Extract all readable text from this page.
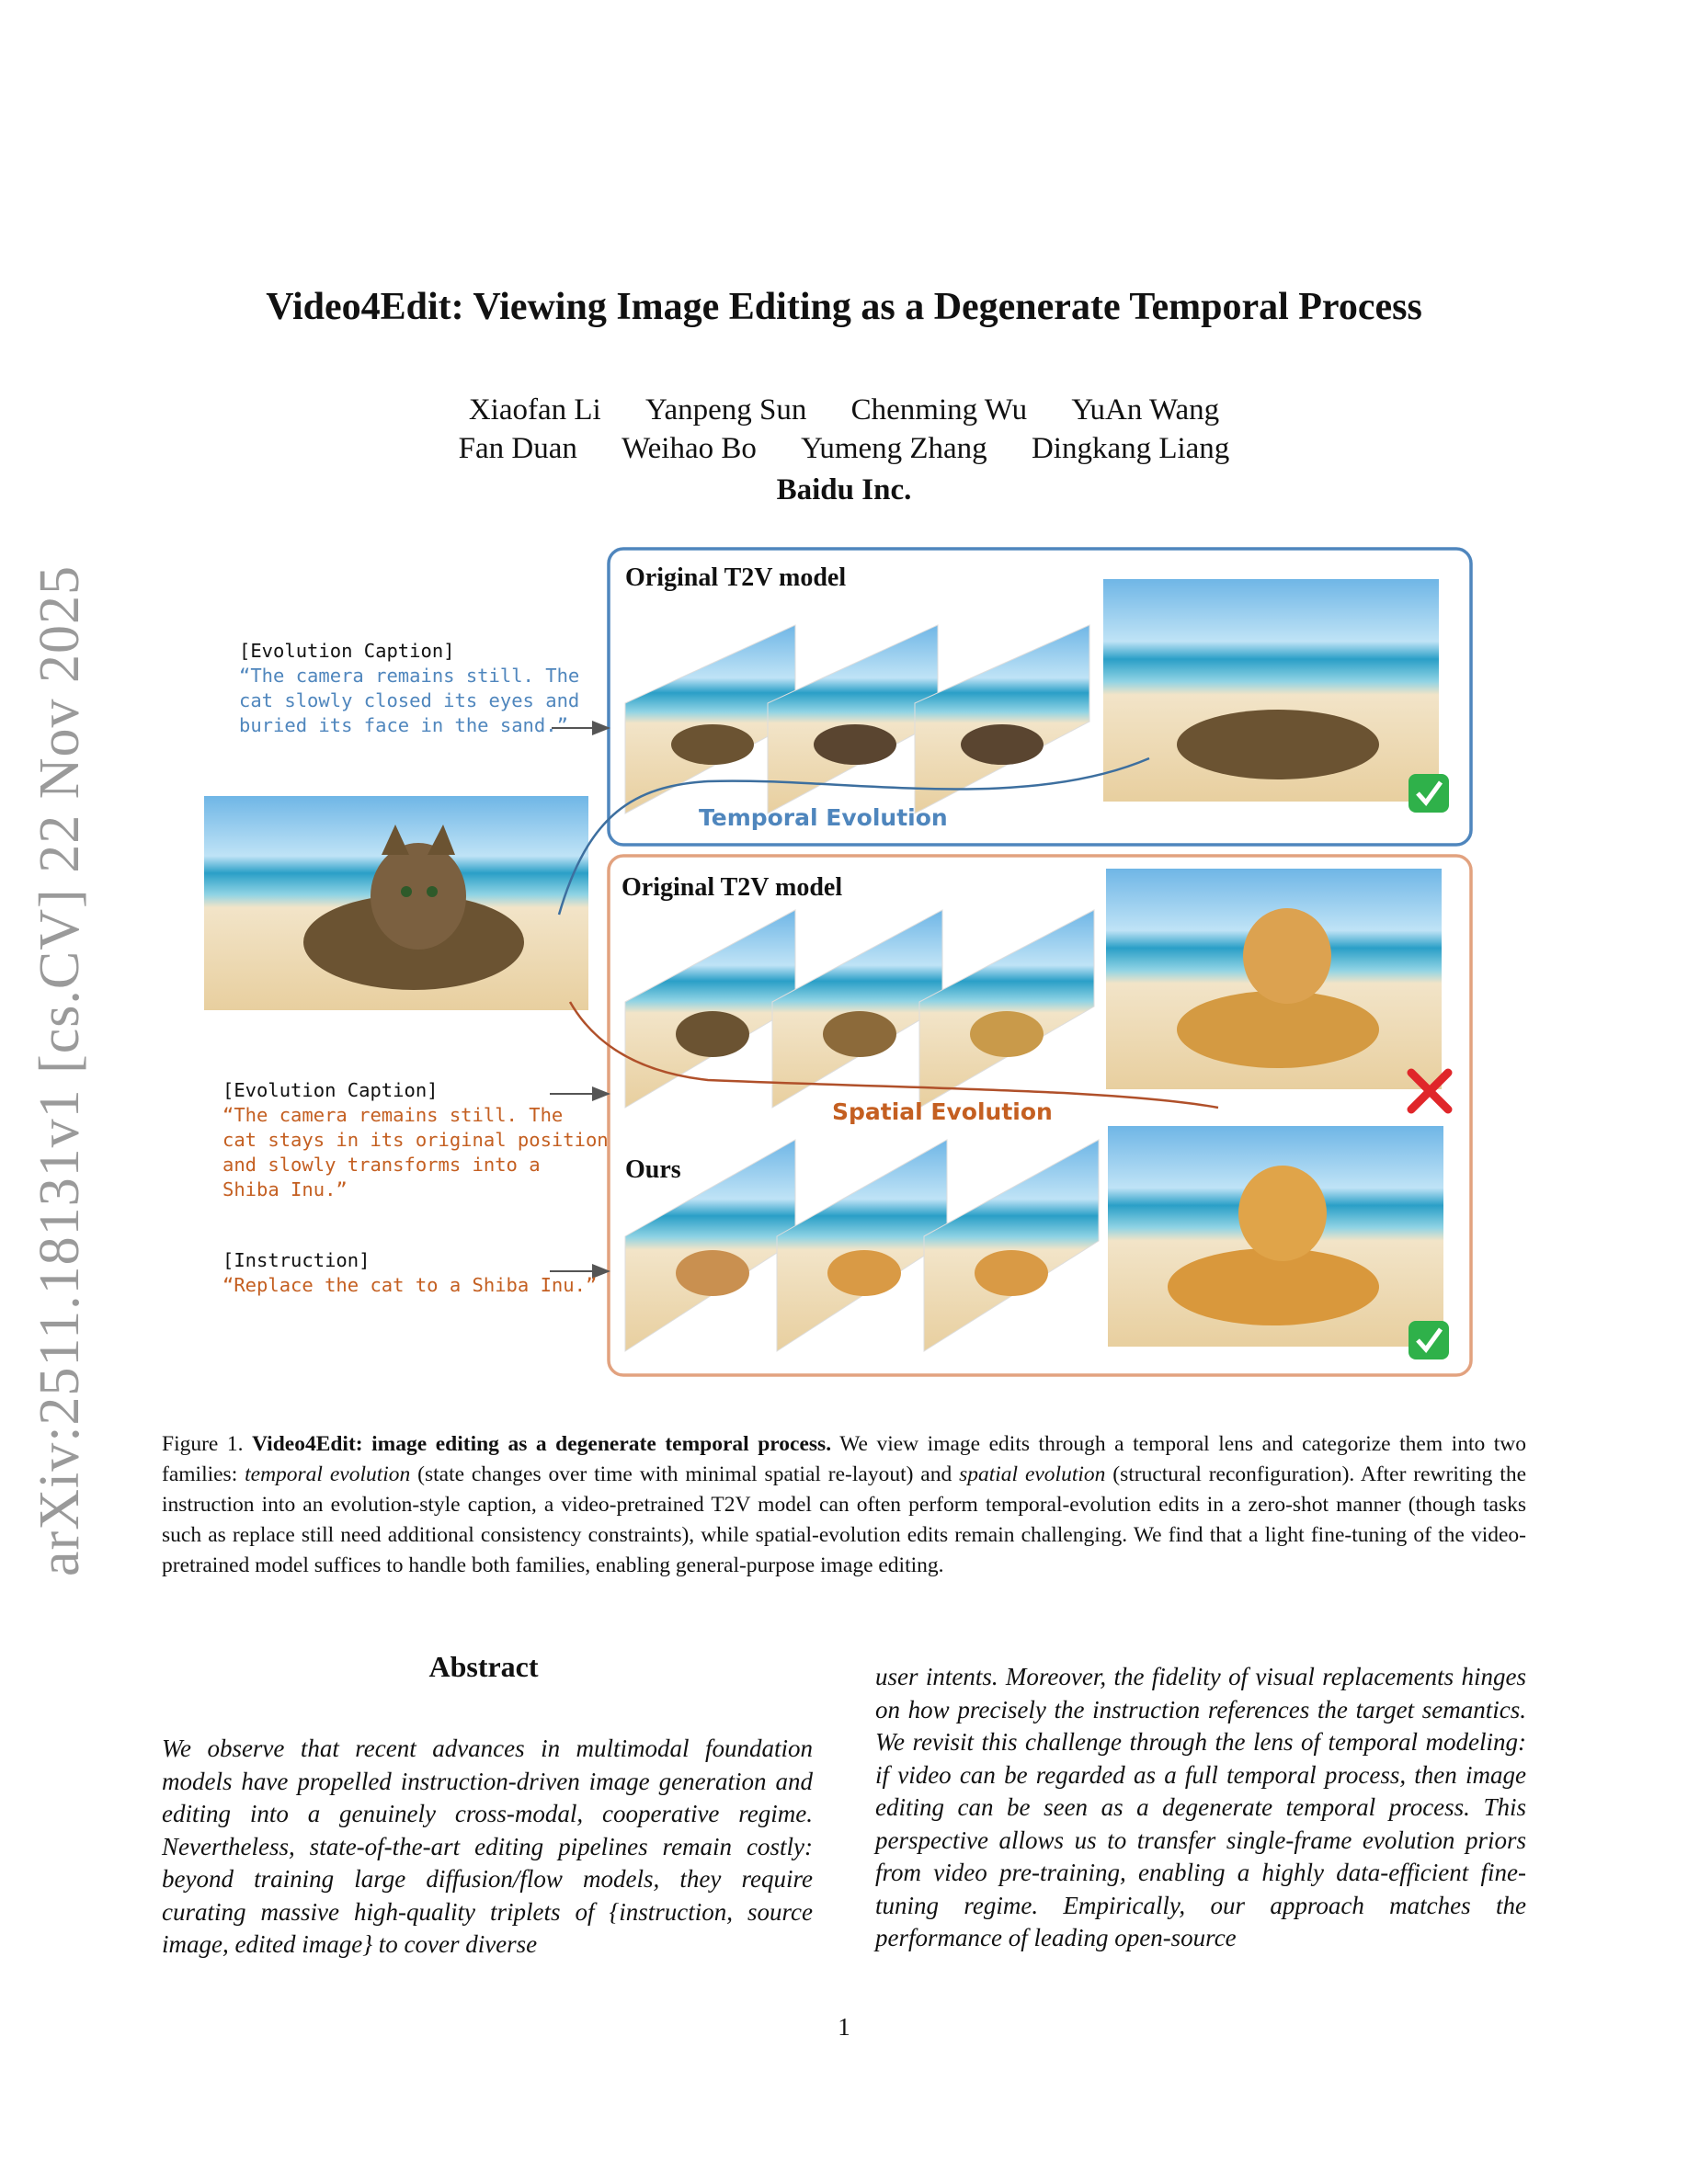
arXiv:2511.18131v1 [cs.CV] 22 Nov 2025
Video4Edit: Viewing Image Editing as a Degenerate Temporal Process
Xiaofan Li Yanpeng Sun Chenming Wu YuAn Wang
Fan Duan Weihao Bo Yumeng Zhang Dingkang Liang
Baidu Inc.
Original T2V model
Original T2V model
Ours
Temporal Evolution
Spatial Evolution
[Evolution Caption]
“The camera remains still. The
cat slowly closed its eyes and
buried its face in the sand.”
[Evolution Caption]
“The camera remains still. The
cat stays in its original position
and slowly transforms into a
Shiba Inu.”
[Instruction]
“Replace the cat to a Shiba Inu.”
Figure 1. Video4Edit: image editing as a degenerate temporal process. We view image edits through a temporal lens and categorize them into two families: temporal evolution (state changes over time with minimal spatial re-layout) and spatial evolution (structural reconfiguration). After rewriting the instruction into an evolution-style caption, a video-pretrained T2V model can often perform temporal-evolution edits in a zero-shot manner (though tasks such as replace still need additional consistency constraints), while spatial-evolution edits remain challenging. We find that a light fine-tuning of the video-pretrained model suffices to handle both families, enabling general-purpose image editing.
Abstract
We observe that recent advances in multimodal foundation models have propelled instruction-driven image generation and editing into a genuinely cross-modal, cooperative regime. Nevertheless, state-of-the-art editing pipelines remain costly: beyond training large diffusion/flow models, they require curating massive high-quality triplets of {instruction, source image, edited image} to cover diverse
user intents. Moreover, the fidelity of visual replacements hinges on how precisely the instruction references the target semantics. We revisit this challenge through the lens of temporal modeling: if video can be regarded as a full temporal process, then image editing can be seen as a degenerate temporal process. This perspective allows us to transfer single-frame evolution priors from video pre-training, enabling a highly data-efficient fine-tuning regime. Empirically, our approach matches the performance of leading open-source
1
